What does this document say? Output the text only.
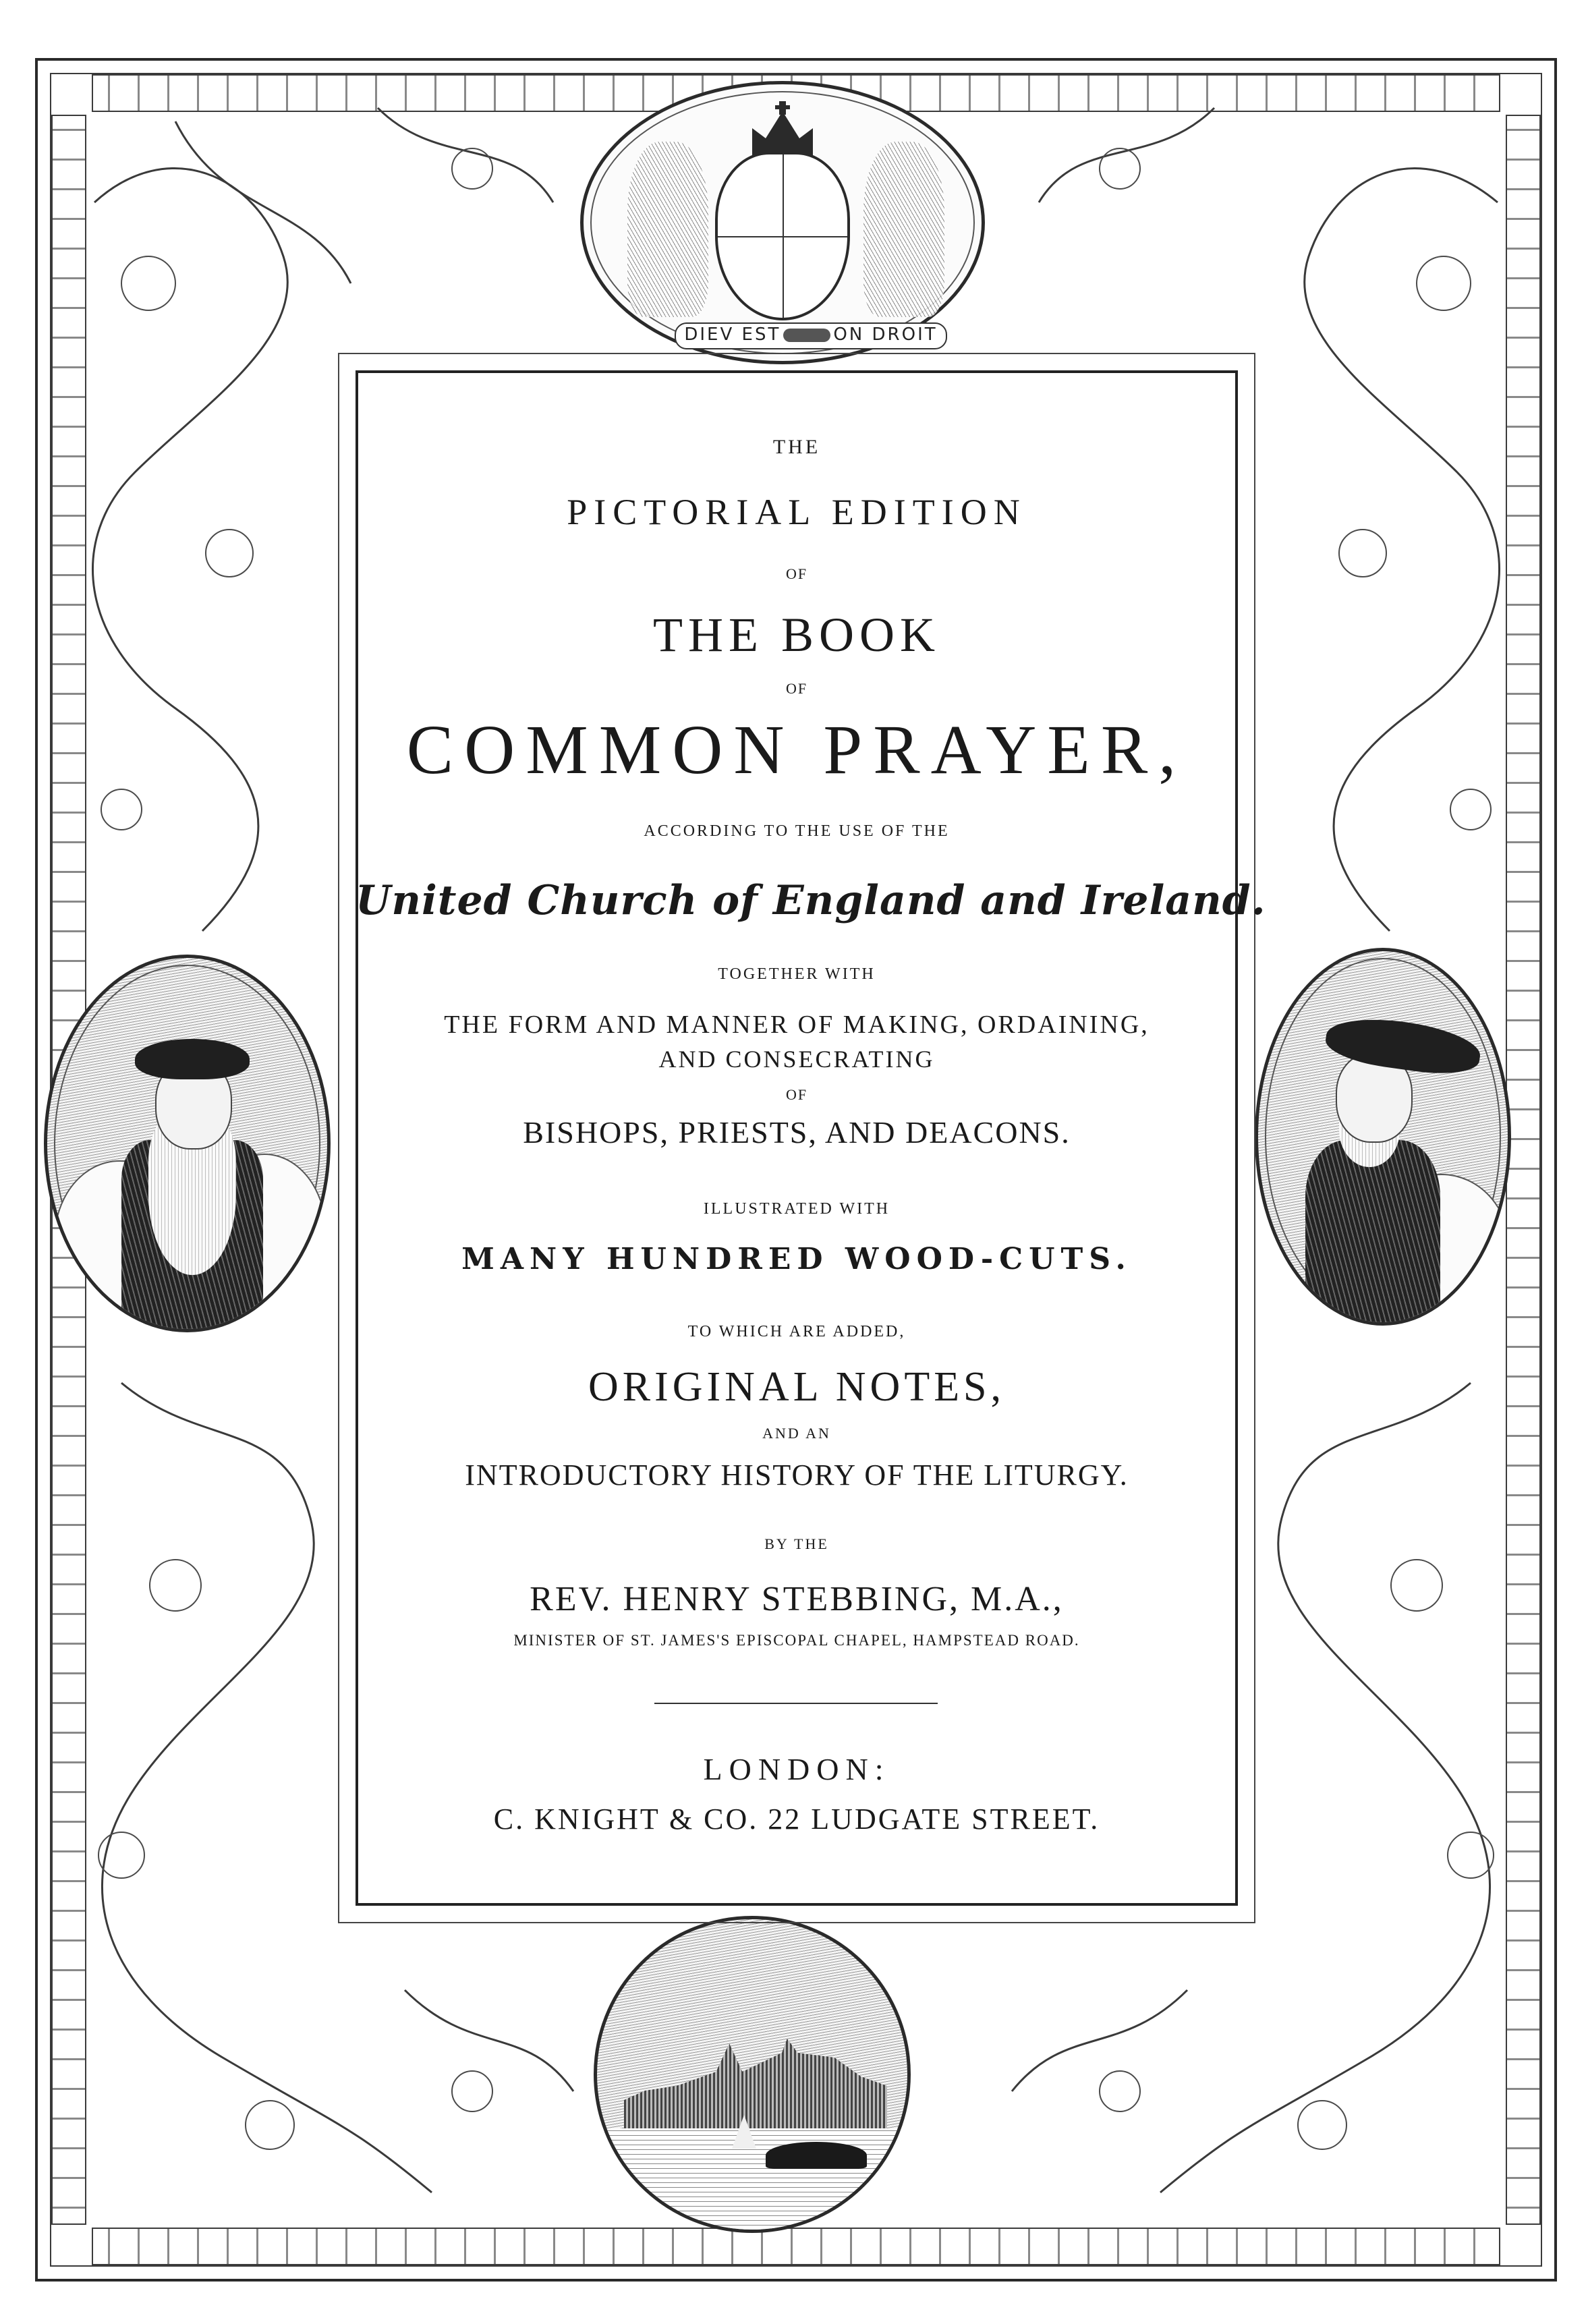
DIEV EST	ON DROIT
THE
PICTORIAL EDITION
OF
THE BOOK
OF
COMMON PRAYER,
ACCORDING TO THE USE OF THE
United Church of England and Ireland.
TOGETHER WITH
THE FORM AND MANNER OF MAKING, ORDAINING,
AND CONSECRATING
OF
BISHOPS, PRIESTS, AND DEACONS.
ILLUSTRATED WITH
MANY HUNDRED WOOD-CUTS.
TO WHICH ARE ADDED,
ORIGINAL NOTES,
AND AN
INTRODUCTORY HISTORY OF THE LITURGY.
BY THE
REV. HENRY STEBBING, M.A.,
MINISTER OF ST. JAMES'S EPISCOPAL CHAPEL, HAMPSTEAD ROAD.
LONDON:
C. KNIGHT & CO. 22 LUDGATE STREET.
